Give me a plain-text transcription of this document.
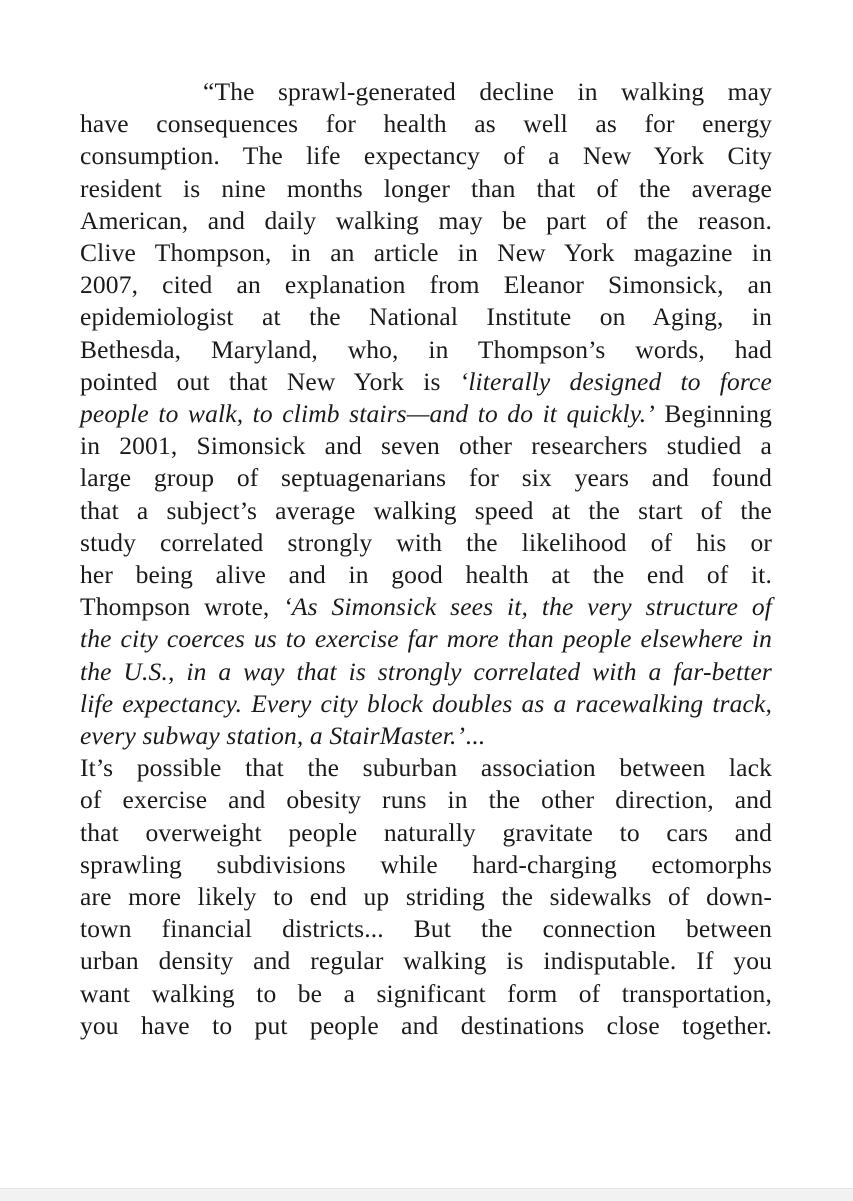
“The sprawl-generated decline in walking may
have consequences for health as well as for energy
consumption. The life expectancy of a New York City
resident is nine months longer than that of the average
American, and daily walking may be part of the reason.
Clive Thompson, in an article in New York magazine in
2007, cited an explanation from Eleanor Simonsick, an
epidemiologist at the National Institute on Aging, in
Bethesda, Maryland, who, in Thompson’s words, had
pointed out that New York is ‘literally designed to force
people to walk, to climb stairs—and to do it quickly.’ Beginning
in 2001, Simonsick and seven other researchers studied a
large group of septuagenarians for six years and found
that a subject’s average walking speed at the start of the
study correlated strongly with the likelihood of his or
her being alive and in good health at the end of it.
Thompson wrote, ‘As Simonsick sees it, the very structure of
the city coerces us to exercise far more than people elsewhere in
the U.S., in a way that is strongly correlated with a far-better
life expectancy. Every city block doubles as a racewalking track,
every subway station, a StairMaster.’...
It’s possible that the suburban association between lack
of exercise and obesity runs in the other direction, and
that overweight people naturally gravitate to cars and
sprawling subdivisions while hard-charging ectomorphs
are more likely to end up striding the sidewalks of down-
town financial districts... But the connection between
urban density and regular walking is indisputable. If you
want walking to be a significant form of transportation,
you have to put people and destinations close together.
